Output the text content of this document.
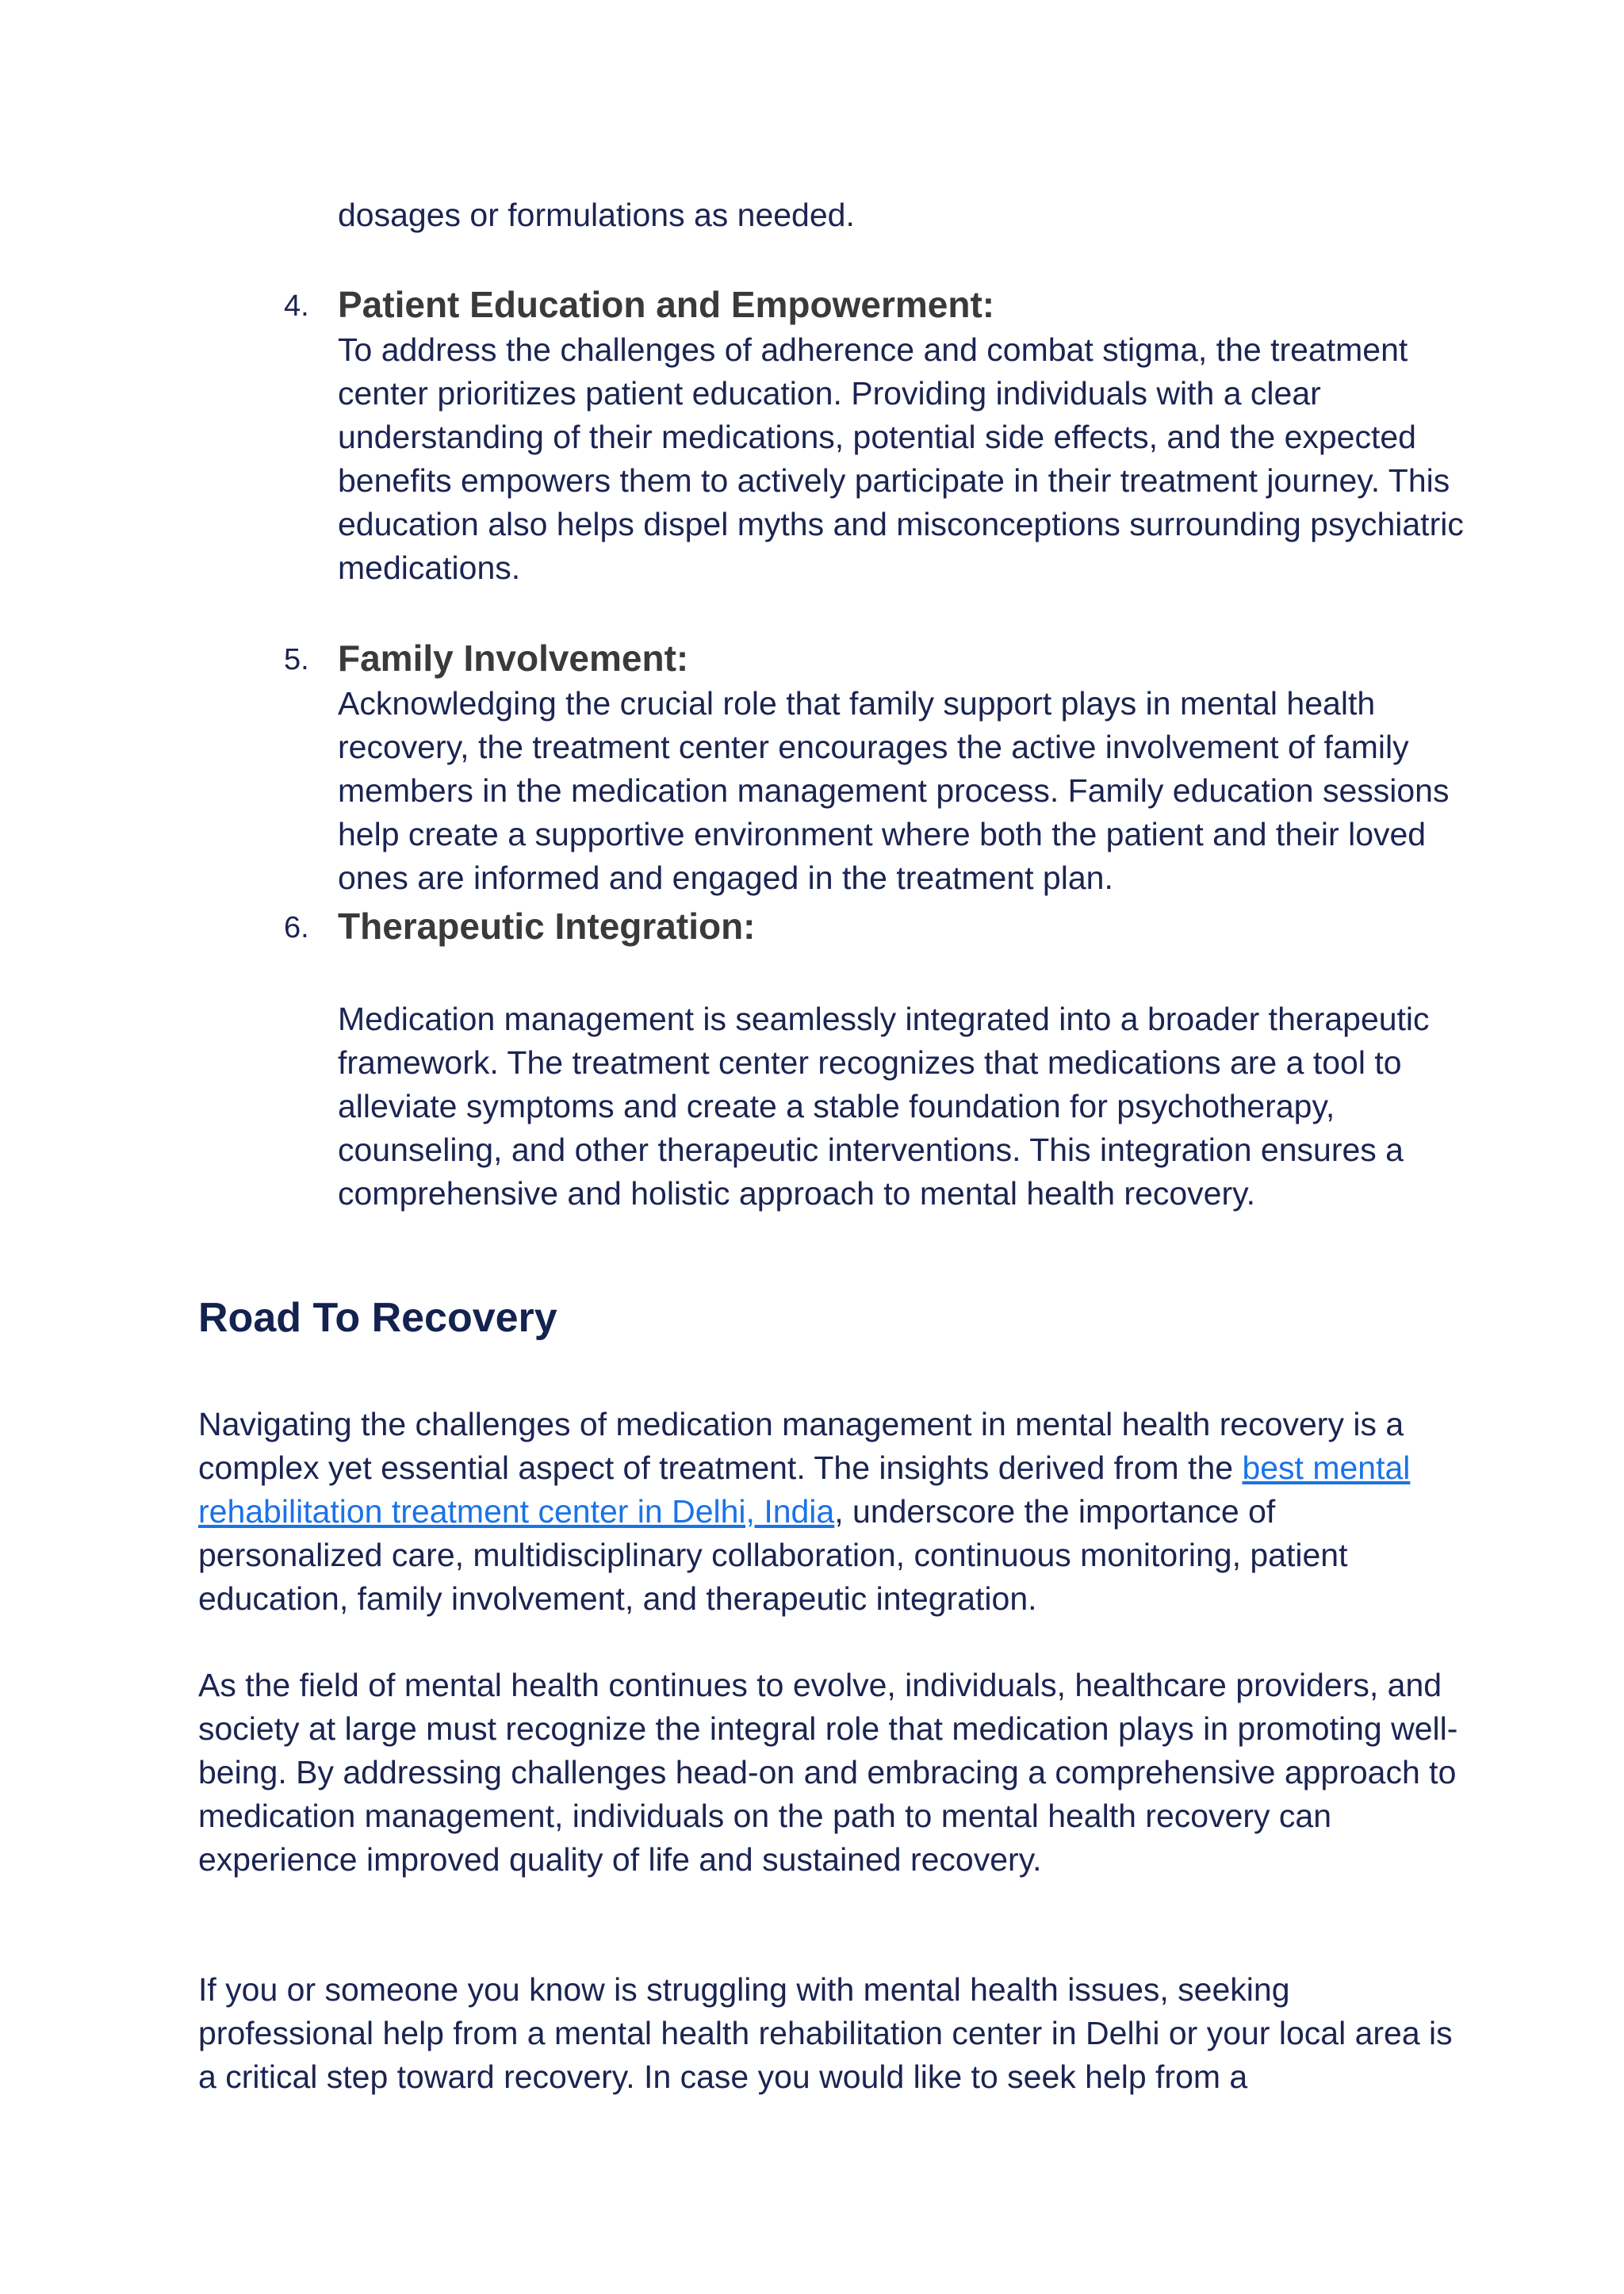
dosages or formulations as needed.

4. Patient Education and Empowerment:

To address the challenges of adherence and combat stigma, the treatment center prioritizes patient education. Providing individuals with a clear understanding of their medications, potential side effects, and the expected benefits empowers them to actively participate in their treatment journey. This education also helps dispel myths and misconceptions surrounding psychiatric medications.

5. Family Involvement:

Acknowledging the crucial role that family support plays in mental health recovery, the treatment center encourages the active involvement of family members in the medication management process. Family education sessions help create a supportive environment where both the patient and their loved ones are informed and engaged in the treatment plan.

6. Therapeutic Integration:

Medication management is seamlessly integrated into a broader therapeutic framework. The treatment center recognizes that medications are a tool to alleviate symptoms and create a stable foundation for psychotherapy, counseling, and other therapeutic interventions. This integration ensures a comprehensive and holistic approach to mental health recovery.

Road To Recovery

Navigating the challenges of medication management in mental health recovery is a complex yet essential aspect of treatment. The insights derived from the best mental rehabilitation treatment center in Delhi, India, underscore the importance of personalized care, multidisciplinary collaboration, continuous monitoring, patient education, family involvement, and therapeutic integration.

As the field of mental health continues to evolve, individuals, healthcare providers, and society at large must recognize the integral role that medication plays in promoting well-being. By addressing challenges head-on and embracing a comprehensive approach to medication management, individuals on the path to mental health recovery can experience improved quality of life and sustained recovery.

If you or someone you know is struggling with mental health issues, seeking professional help from a mental health rehabilitation center in Delhi or your local area is a critical step toward recovery. In case you would like to seek help from a
